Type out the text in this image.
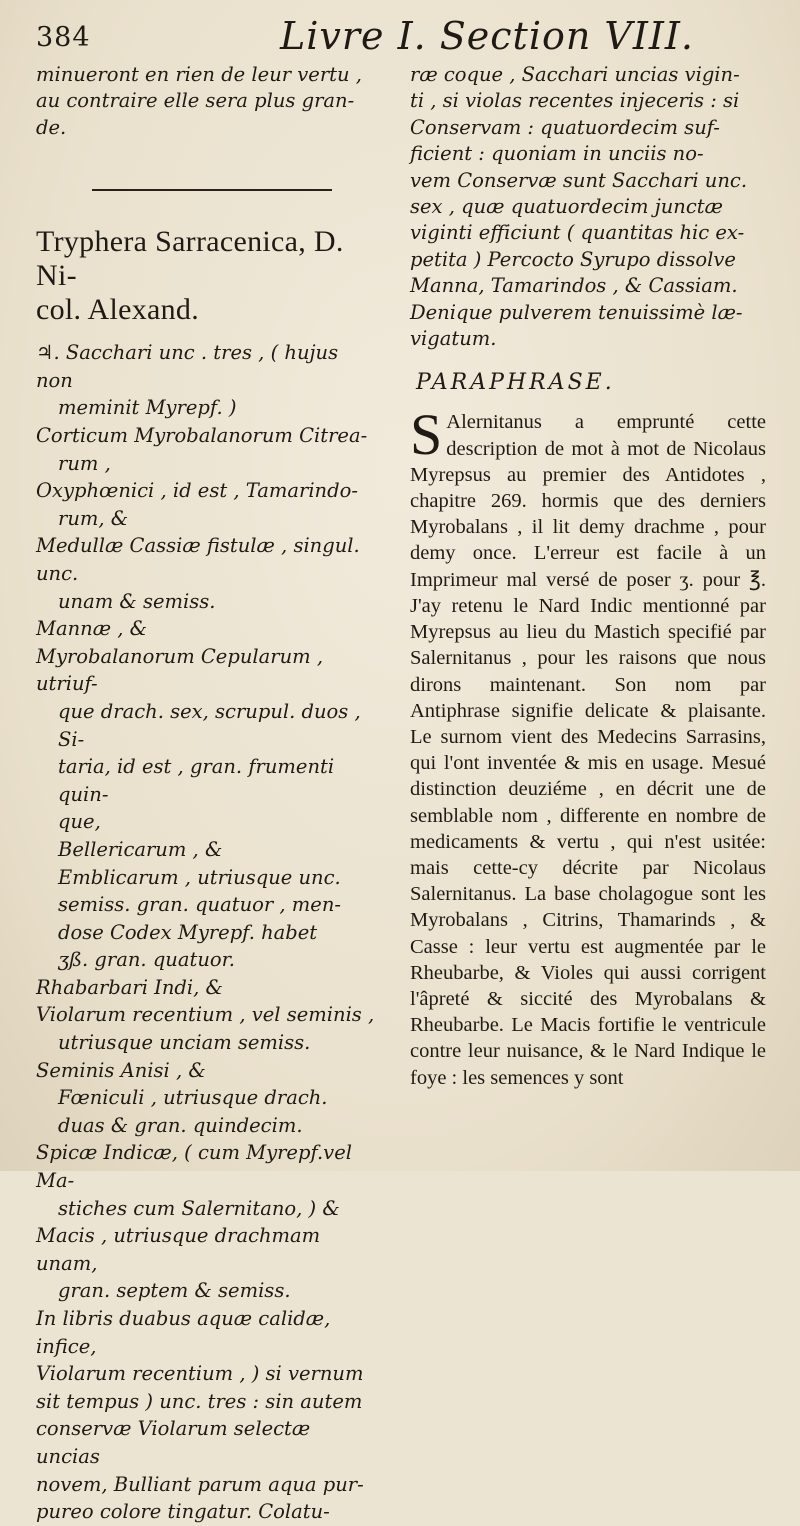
384	Livre I. Section VIII.

minueront en rien de leur vertu ,

au contraire elle sera plus gran-

de.

Tryphera Sarracenica, D. Ni-
col. Alexand.

♃. Sacchari unc . tres , ( hujus non

meminit Myrepf. )

Corticum Myrobalanorum Citrea-

rum ,

Oxyphœnici , id est , Tamarindo-

rum, &

Medullæ Cassiæ fistulæ , singul. unc.

unam & semiss.

Mannæ , &

Myrobalanorum Cepularum , utriuf-

que drach. sex, scrupul. duos , Si-

taria, id est , gran. frumenti quin-

que,

Bellericarum , &

Emblicarum , utriusque unc.

semiss. gran. quatuor , men-

dose Codex Myrepf. habet

ʒß. gran. quatuor.

Rhabarbari Indi, &

Violarum recentium , vel seminis ,

utriusque unciam semiss.

Seminis Anisi , &

Fœniculi , utriusque drach.

duas & gran. quindecim.

Spicæ Indicæ, ( cum Myrepf.vel Ma-

stiches cum Salernitano, ) &

Macis , utriusque drachmam unam,

gran. septem & semiss.

In libris duabus aquæ calidæ, infice,

Violarum recentium , ) si vernum

sit tempus ) unc. tres : sin autem

conservæ Violarum selectæ uncias

novem, Bulliant parum aqua pur-

pureo colore tingatur. Colatu-

ræ coque , Sacchari uncias vigin-

ti , si violas recentes injeceris : si

Conservam : quatuordecim suf-

ficient : quoniam in unciis no-

vem Conservæ sunt Sacchari unc.

sex , quæ quatuordecim junctæ

viginti efficiunt ( quantitas hic ex-

petita ) Percocto Syrupo dissolve

Manna, Tamarindos , & Cassiam.

Denique pulverem tenuissimè læ-

vigatum.

PARAPHRASE.
S Alernitanus a emprunté cette description de mot à mot de Nicolaus Myrepsus au premier des Antidotes , chapitre 269. hormis que des derniers Myrobalans , il lit demy drachme , pour demy once. L'erreur est facile à un Imprimeur mal versé de poser ʒ. pour ℥. J'ay retenu le Nard Indic mentionné par Myrepsus au lieu du Mastich specifié par Salernitanus , pour les raisons que nous dirons maintenant. Son nom par Antiphrase signifie delicate & plaisante. Le surnom vient des Medecins Sarrasins, qui l'ont inventée & mis en usage. Mesué distinction deuziéme , en décrit une de semblable nom , differente en nombre de medicaments & vertu , qui n'est usitée: mais cette-cy décrite par Nicolaus Salernitanus. La base cholagogue sont les Myrobalans , Citrins, Thamarinds , & Casse : leur vertu est augmentée par le Rheubarbe, & Violes qui aussi corrigent l'âpreté & siccité des Myrobalans & Rheubarbe. Le Macis fortifie le ventricule contre leur nuisance, & le Nard Indique le foye : les semences y sont
